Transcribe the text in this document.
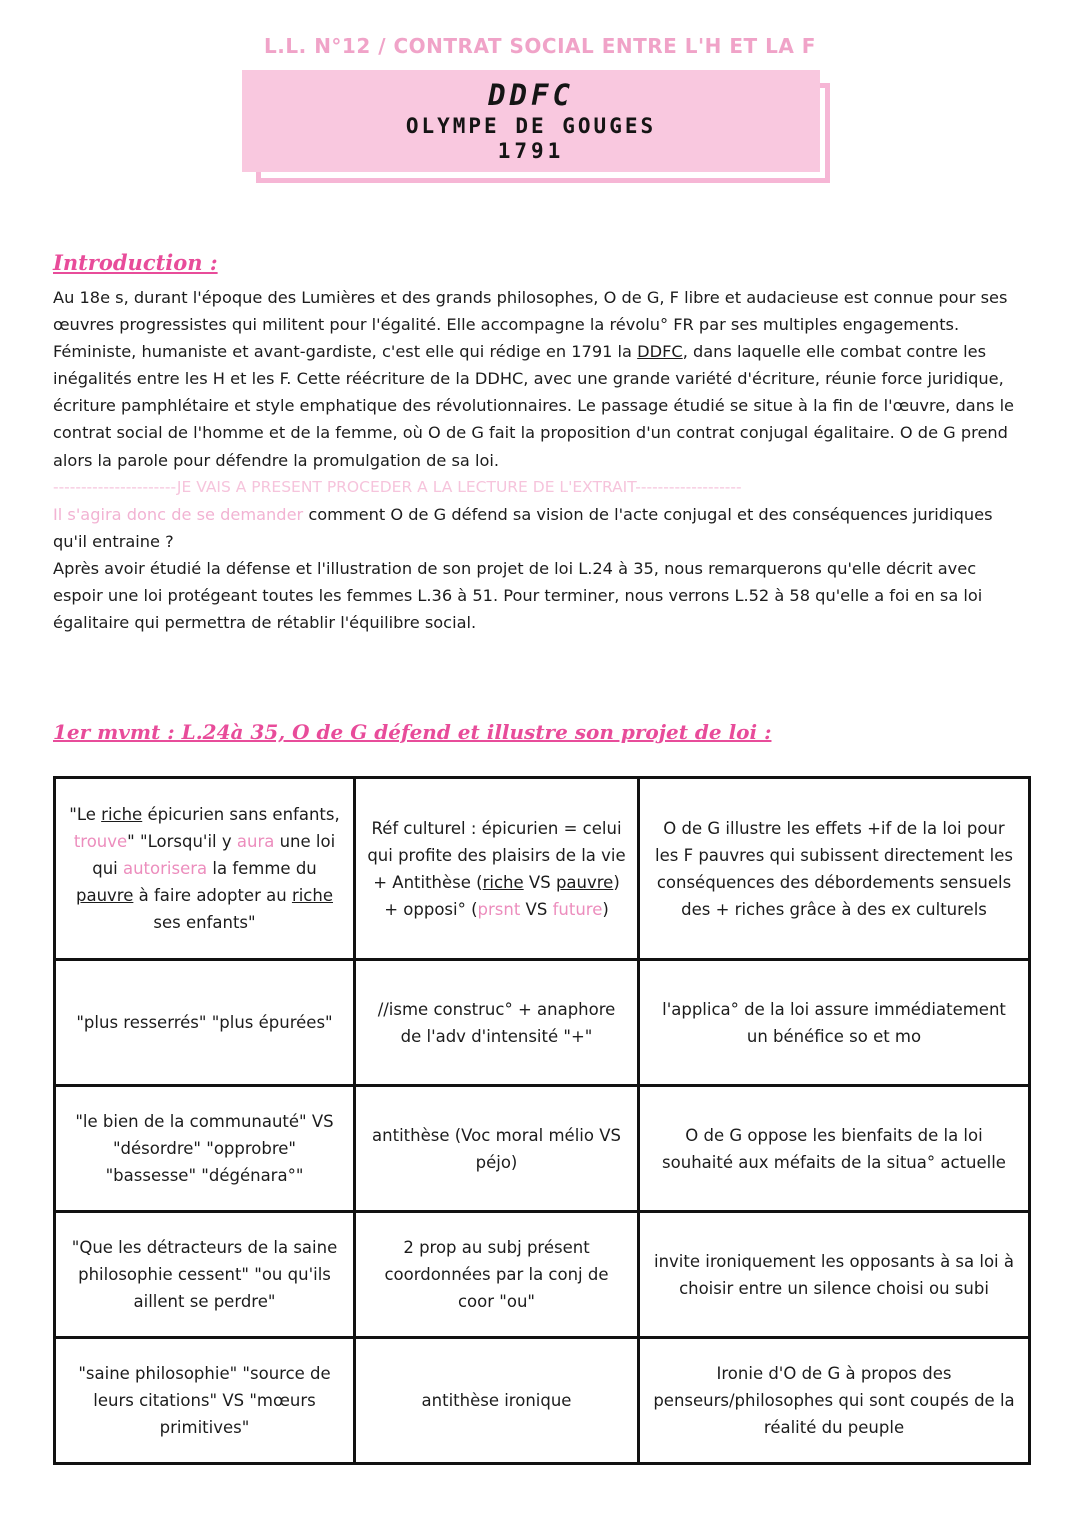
L.L. N°12 / CONTRAT SOCIAL ENTRE L'H ET LA F
DDFC
OLYMPE DE GOUGES
1791
Introduction :

Au 18e s, durant l'époque des Lumières et des grands philosophes, O de G, F libre et audacieuse est connue pour ses œuvres progressistes qui militent pour l'égalité. Elle accompagne la révolu° FR par ses multiples engagements. Féministe, humaniste et avant-gardiste, c'est elle qui rédige en 1791 la DDFC, dans laquelle elle combat contre les inégalités entre les H et les F. Cette réécriture de la DDHC, avec une grande variété d'écriture, réunie force juridique, écriture pamphlétaire et style emphatique des révolutionnaires. Le passage étudié se situe à la fin de l'œuvre, dans le contrat social de l'homme et de la femme, où O de G fait la proposition d'un contrat conjugal égalitaire. O de G prend alors la parole pour défendre la promulgation de sa loi.

----------------------JE VAIS A PRESENT PROCEDER A LA LECTURE DE L'EXTRAIT-------------------

Il s'agira donc de se demander comment O de G défend sa vision de l'acte conjugal et des conséquences juridiques qu'il entraine ?

Après avoir étudié la défense et l'illustration de son projet de loi L.24 à 35, nous remarquerons qu'elle décrit avec espoir une loi protégeant toutes les femmes L.36 à 51. Pour terminer, nous verrons L.52 à 58 qu'elle a foi en sa loi égalitaire qui permettra de rétablir l'équilibre social.

1er mvmt : L.24à 35, O de G défend et illustre son projet de loi :
"Le riche épicurien sans enfants, trouve" "Lorsqu'il y aura une loi qui autorisera la femme du pauvre à faire adopter au riche ses enfants"	Réf culturel : épicurien = celui qui profite des plaisirs de la vie + Antithèse (riche VS pauvre) + opposi° (prsnt VS future)	O de G illustre les effets +if de la loi pour les F pauvres qui subissent directement les conséquences des débordements sensuels des + riches grâce à des ex culturels
"plus resserrés" "plus épurées"	//isme construc° + anaphore de l'adv d'intensité "+"	l'applica° de la loi assure immédiatement un bénéfice so et mo
"le bien de la communauté" VS "désordre" "opprobre" "bassesse" "dégénara°"	antithèse (Voc moral mélio VS péjo)	O de G oppose les bienfaits de la loi souhaité aux méfaits de la situa° actuelle
"Que les détracteurs de la saine philosophie cessent" "ou qu'ils aillent se perdre"	2 prop au subj présent coordonnées par la conj de coor "ou"	invite ironiquement les opposants à sa loi à choisir entre un silence choisi ou subi
"saine philosophie" "source de leurs citations" VS "mœurs primitives"	antithèse ironique	Ironie d'O de G à propos des penseurs/philosophes qui sont coupés de la réalité du peuple
